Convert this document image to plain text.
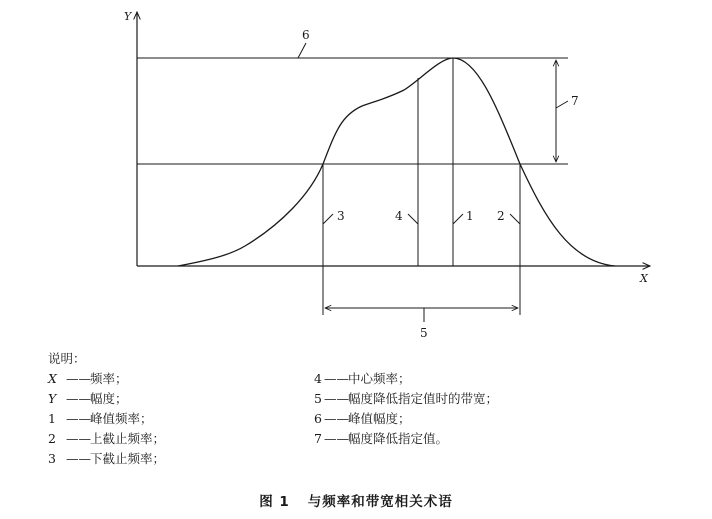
Y
X
5
7
6
3	4	1 2
说明：
X ——频率；
Y ——幅度；
1 ——峰值频率；
2 ——上截止频率；
3 ——下截止频率；
4 ——中心频率；
5 ——幅度降低指定值时的带宽；
6 ——峰值幅度；
7 ——幅度降低指定值。
图 1 与频率和带宽相关术语
